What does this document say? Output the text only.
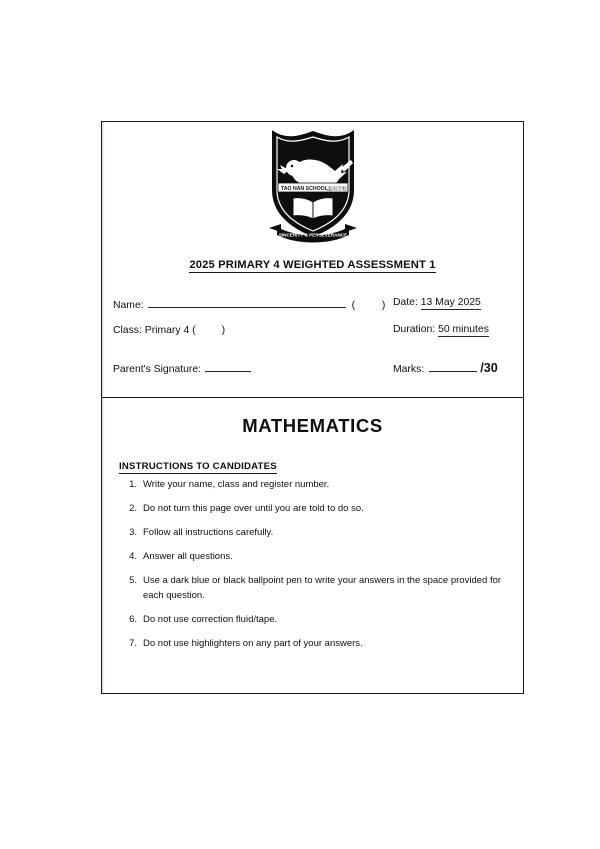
TAO NAN SCHOOL 道南学校
SINCERITY & PERSEVERANCE
2025 PRIMARY 4 WEIGHTED ASSESSMENT 1
Name:	(  ) Date: 13 May 2025
Class: Primary 4 (	)	Duration: 50 minutes
Parent's Signature:	Marks:	/30
MATHEMATICS
INSTRUCTIONS TO CANDIDATES
1. Write your name, class and register number.
2. Do not turn this page over until you are told to do so.
3. Follow all instructions carefully.
4. Answer all questions.
5. Use a dark blue or black ballpoint pen to write your answers in the space provided for each question.
6. Do not use correction fluid/tape.
7. Do not use highlighters on any part of your answers.
